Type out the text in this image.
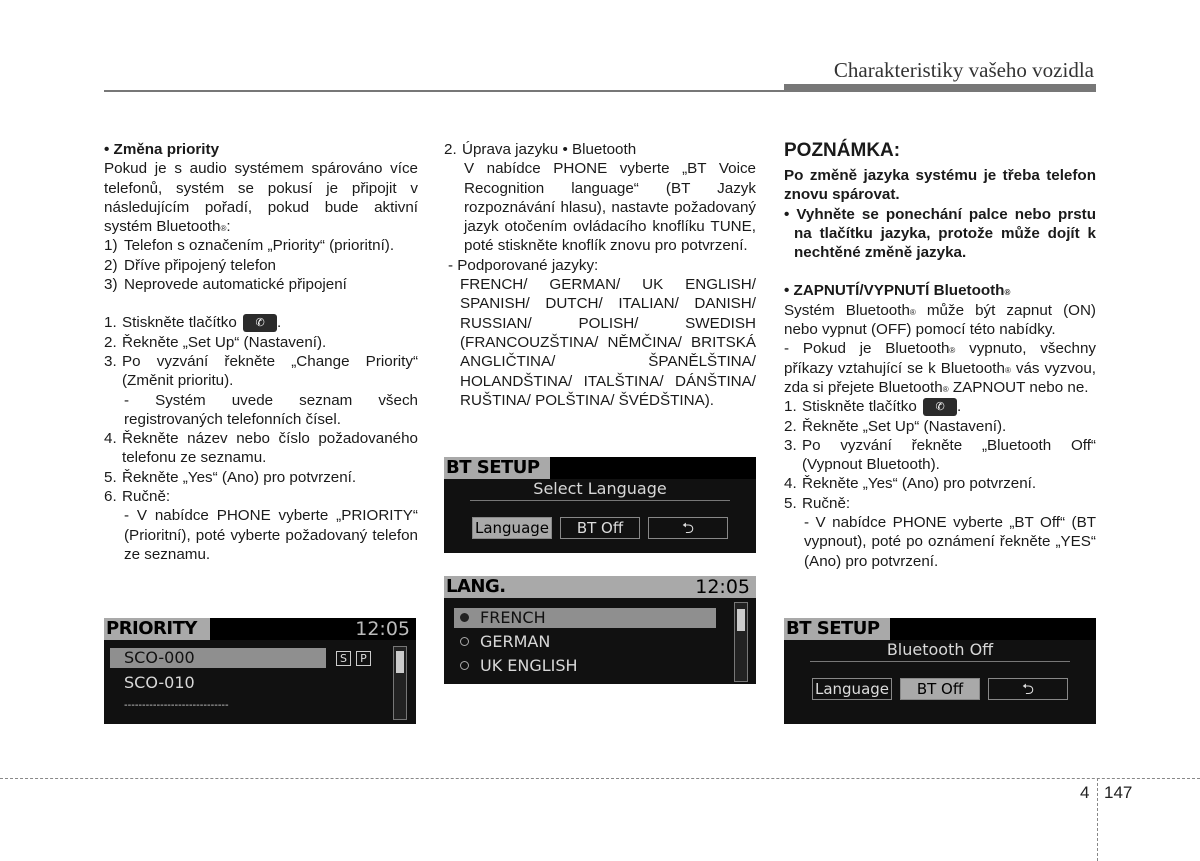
Charakteristiky vašeho vozidla
• Změna priority
Pokud je s audio systémem spárováno více telefonů, systém se pokusí je připojit v následujícím pořadí, pokud bude aktivní systém Bluetooth®:
1) Telefon s označením „Priority“ (prioritní).
2) Dříve připojený telefon
3) Neprovede automatické připojení
1. Stiskněte tlačítko ✆ .
2. Řekněte „Set Up“ (Nastavení).
3. Po vyzvání řekněte „Change Priority“ (Změnit prioritu).
- Systém uvede seznam všech registrovaných telefonních čísel.
4. Řekněte název nebo číslo požadovaného telefonu ze seznamu.
5. Řekněte „Yes“ (Ano) pro potvrzení.
6. Ručně:
- V nabídce PHONE vyberte „PRIORITY“ (Prioritní), poté vyberte požadovaný telefon ze seznamu.
PRIORITY	12:05
SCO-000	S	P
SCO-010
-----------------------------
2. Úprava jazyku • Bluetooth
V nabídce PHONE vyberte „BT Voice Recognition language“ (BT Jazyk rozpoznávání hlasu), nastavte požadovaný jazyk otočením ovládacího knoflíku TUNE, poté stiskněte knoflík znovu pro potvrzení.
- Podporované jazyky:
FRENCH/ GERMAN/ UK ENGLISH/ SPANISH/ DUTCH/ ITALIAN/ DANISH/ RUSSIAN/ POLISH/ SWEDISH (FRANCOUZŠTINA/ NĚMČINA/ BRITSKÁ ANGLIČTINA/ ŠPANĚLŠTINA/ HOLANDŠTINA/ ITALŠTINA/ DÁNŠTINA/ RUŠTINA/ POLŠTINA/ ŠVÉDŠTINA).
BT SETUP
Select Language
Language	BT Off	⮌
LANG.	12:05
FRENCH
GERMAN
UK ENGLISH
POZNÁMKA:
Po změně jazyka systému je třeba telefon znovu spárovat.
• Vyhněte se ponechání palce nebo prstu na tlačítku jazyka, protože může dojít k nechtěné změně jazyka.
• ZAPNUTÍ/VYPNUTÍ Bluetooth®
Systém Bluetooth® může být zapnut (ON) nebo vypnut (OFF) pomocí této nabídky.
- Pokud je Bluetooth® vypnuto, všechny příkazy vztahující se k Bluetooth® vás vyzvou, zda si přejete Bluetooth® ZAPNOUT nebo ne.
1. Stiskněte tlačítko ✆ .
2. Řekněte „Set Up“ (Nastavení).
3. Po vyzvání řekněte „Bluetooth Off“ (Vypnout Bluetooth).
4. Řekněte „Yes“ (Ano) pro potvrzení.
5. Ručně:
- V nabídce PHONE vyberte „BT Off“ (BT vypnout), poté po oznámení řekněte „YES“ (Ano) pro potvrzení.
BT SETUP
Bluetooth Off
Language	BT Off	⮌
4 147
